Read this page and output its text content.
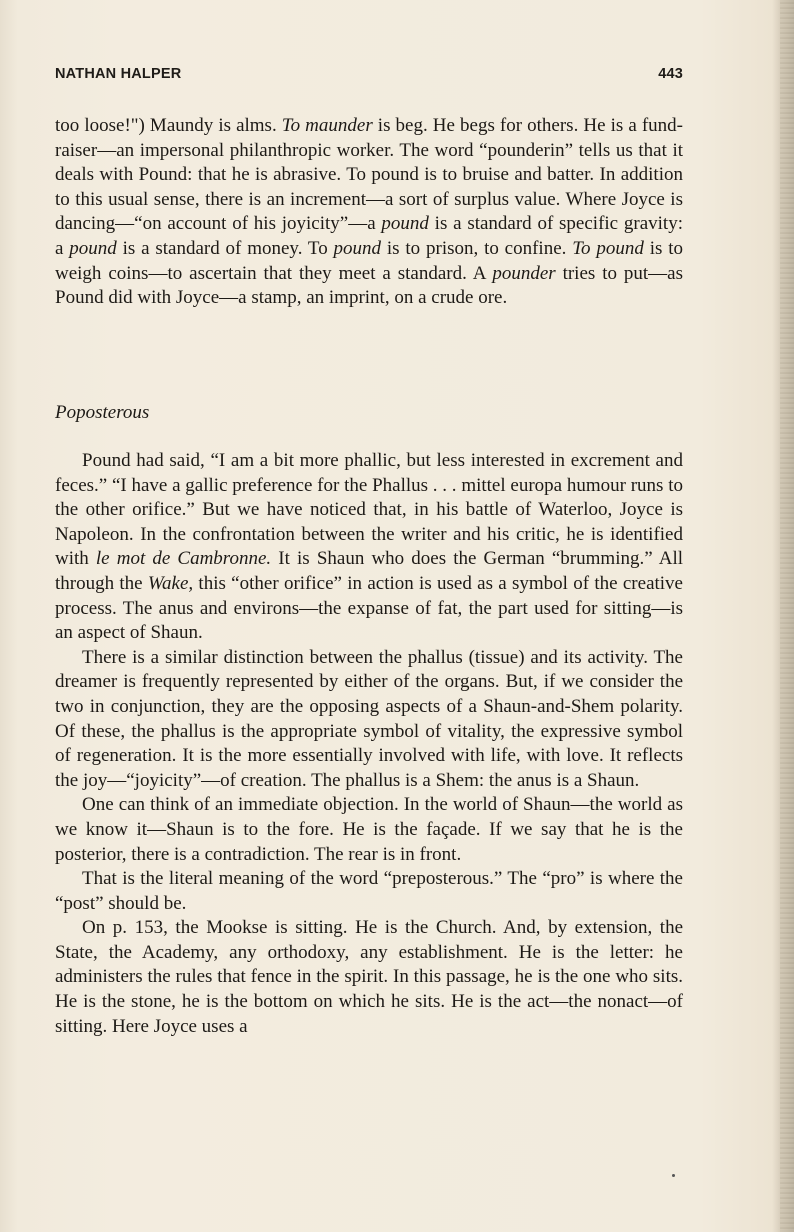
NATHAN HALPER	443

too loose!") Maundy is alms. To maunder is beg. He begs for others. He is a fund-raiser—an impersonal philanthropic worker. The word “pounderin” tells us that it deals with Pound: that he is abrasive. To pound is to bruise and batter. In addition to this usual sense, there is an increment—a sort of surplus value. Where Joyce is dancing—“on account of his joyicity”—a pound is a standard of specific gravity: a pound is a standard of money. To pound is to prison, to confine. To pound is to weigh coins—to ascertain that they meet a standard. A pounder tries to put—as Pound did with Joyce—a stamp, an imprint, on a crude ore.

Poposterous

Pound had said, “I am a bit more phallic, but less interested in excrement and feces.” “I have a gallic preference for the Phallus . . . mittel europa humour runs to the other orifice.” But we have noticed that, in his battle of Waterloo, Joyce is Napoleon. In the confrontation between the writer and his critic, he is identified with le mot de Cambronne. It is Shaun who does the German “brumming.” All through the Wake, this “other orifice” in action is used as a symbol of the creative process. The anus and environs—the expanse of fat, the part used for sitting—is an aspect of Shaun.

There is a similar distinction between the phallus (tissue) and its activity. The dreamer is frequently represented by either of the organs. But, if we consider the two in conjunction, they are the opposing aspects of a Shaun-and-Shem polarity. Of these, the phallus is the appropriate symbol of vitality, the expressive symbol of regeneration. It is the more essentially involved with life, with love. It reflects the joy—“joyicity”—of creation. The phallus is a Shem: the anus is a Shaun.

One can think of an immediate objection. In the world of Shaun—the world as we know it—Shaun is to the fore. He is the façade. If we say that he is the posterior, there is a contradiction. The rear is in front.

That is the literal meaning of the word “preposterous.” The “pro” is where the “post” should be.

On p. 153, the Mookse is sitting. He is the Church. And, by extension, the State, the Academy, any orthodoxy, any establishment. He is the letter: he administers the rules that fence in the spirit. In this passage, he is the one who sits. He is the stone, he is the bottom on which he sits. He is the act—the nonact—of sitting. Here Joyce uses a
